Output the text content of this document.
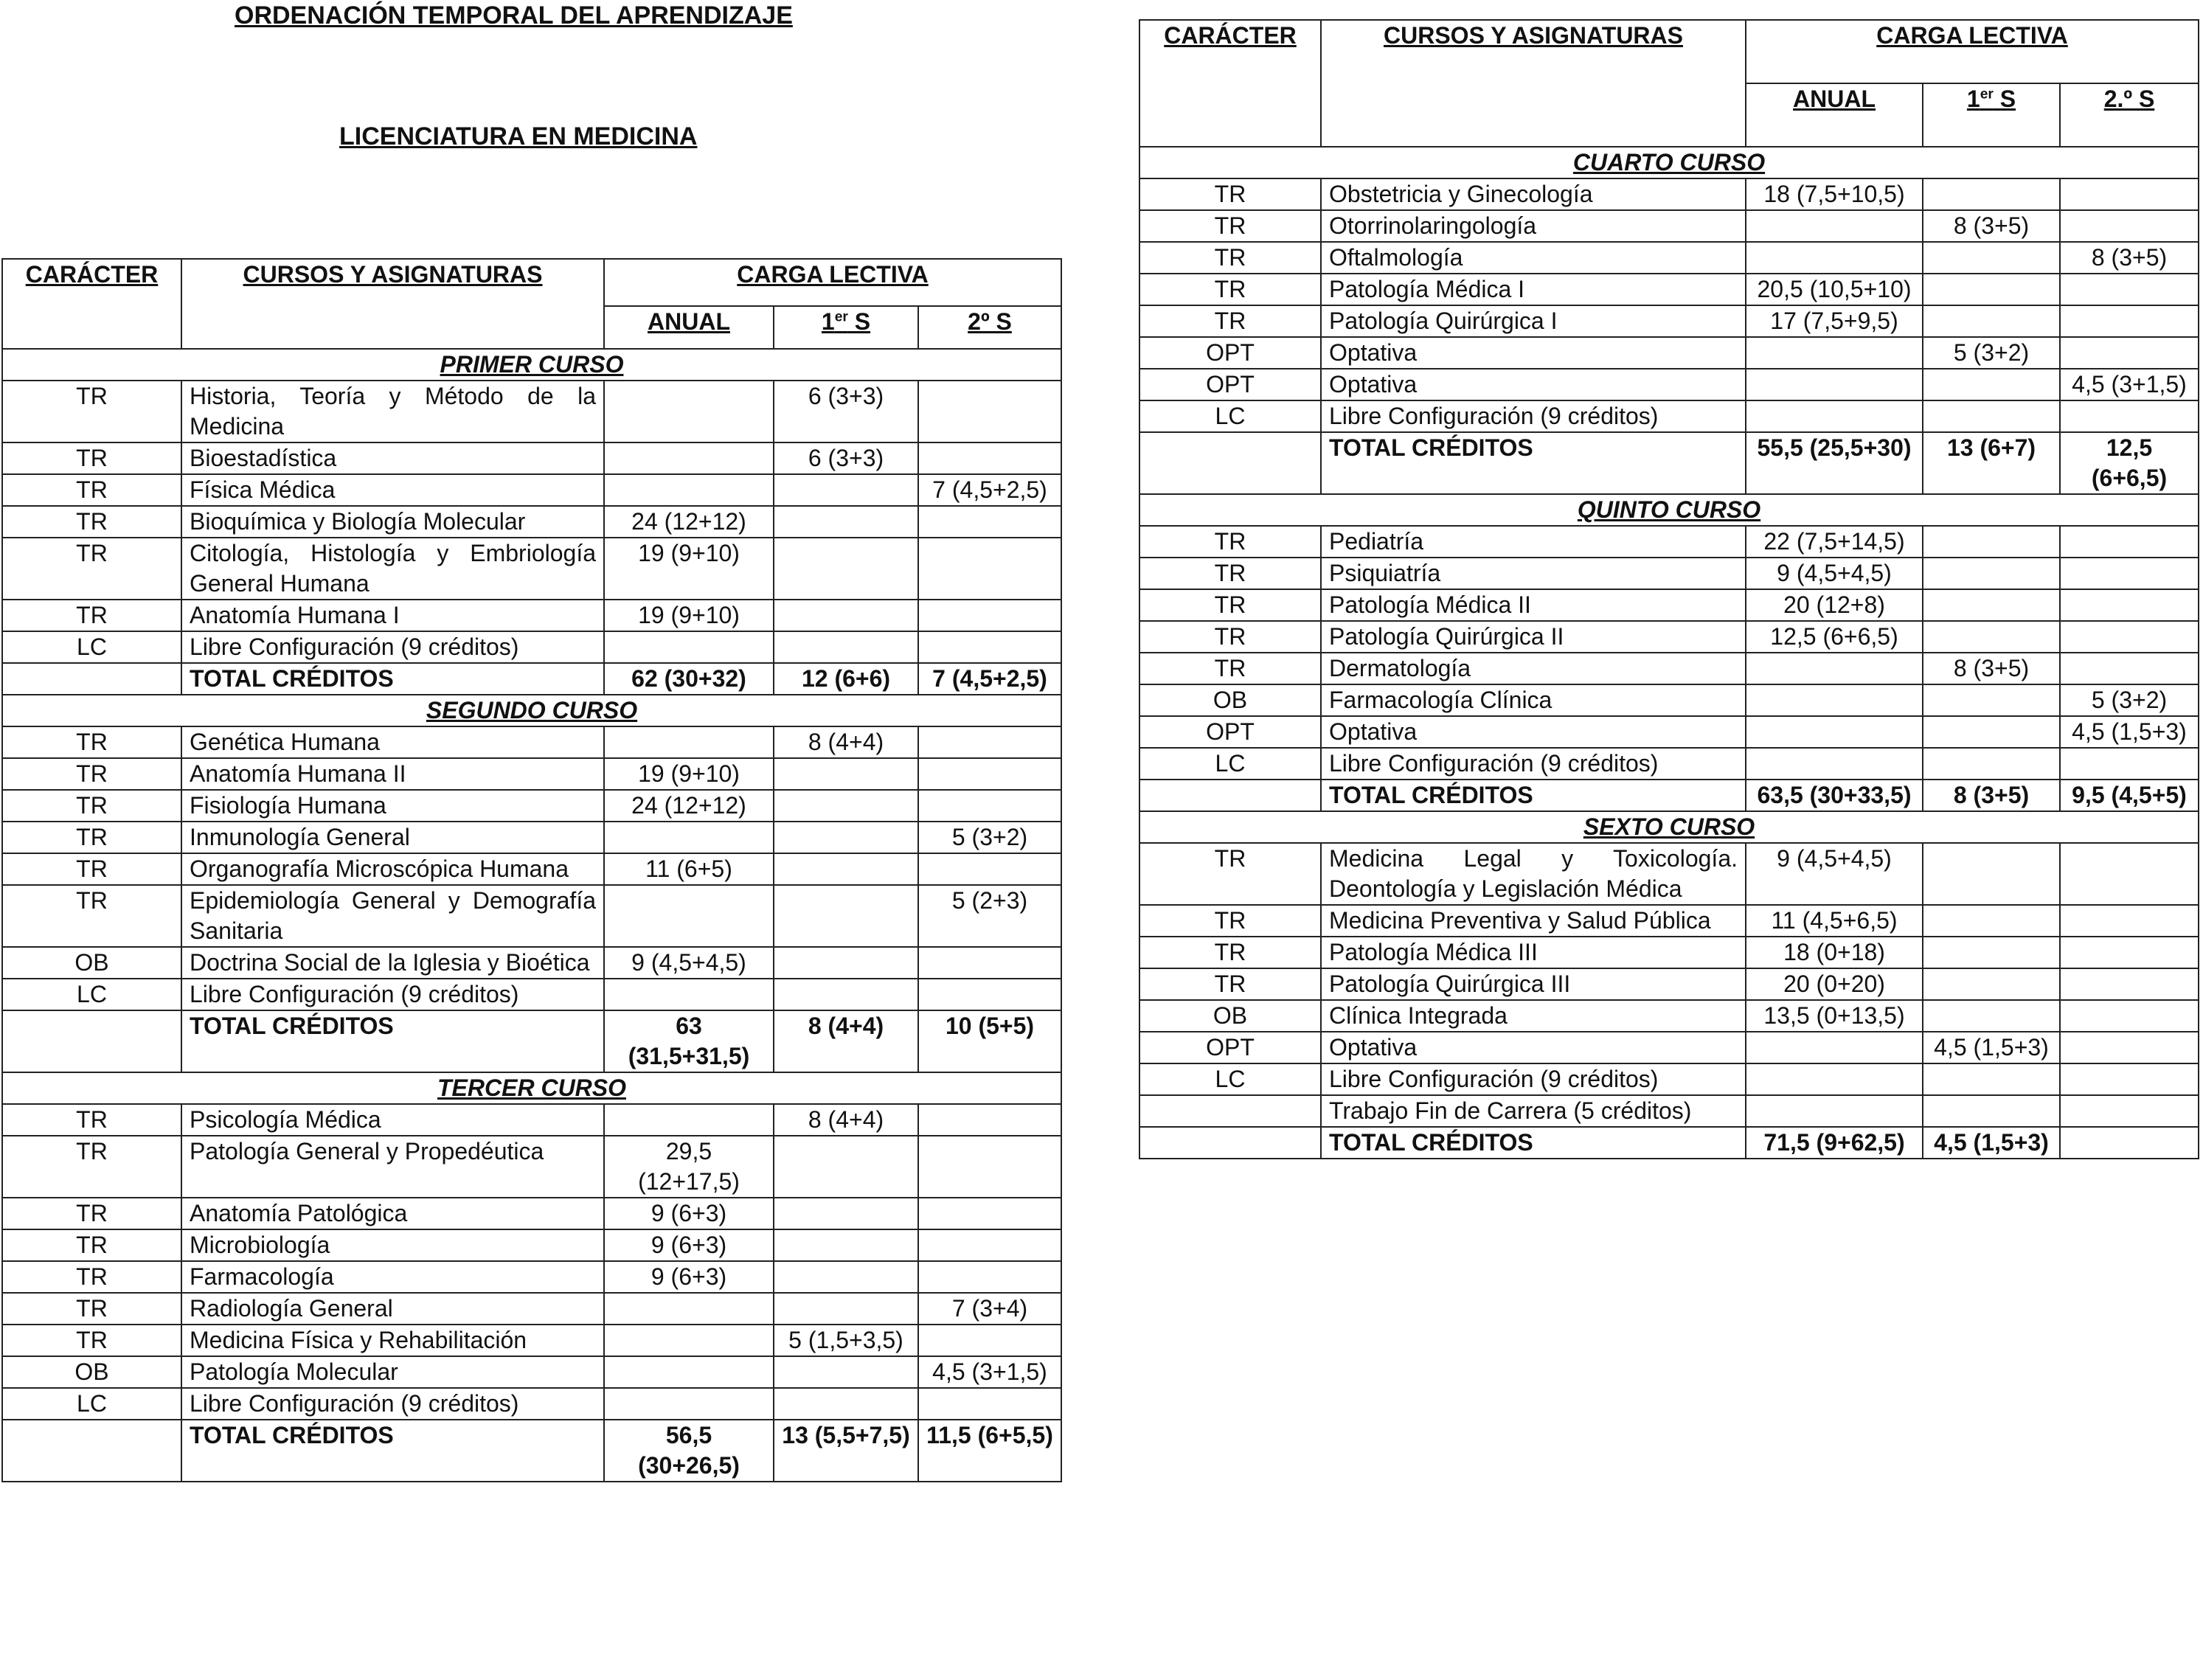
ORDENACIÓN TEMPORAL DEL APRENDIZAJE
LICENCIATURA EN MEDICINA
CARÁCTER	CURSOS Y ASIGNATURAS	CARGA LECTIVA		
		ANUAL	1er S	2º S
PRIMER CURSO				
TR	Historia, Teoría y Método de la Medicina		6 (3+3)	
TR	Bioestadística		6 (3+3)	
TR	Física Médica			7 (4,5+2,5)
TR	Bioquímica y Biología Molecular	24 (12+12)		
TR	Citología, Histología y Embriología General Humana	19 (9+10)		
TR	Anatomía Humana I	19 (9+10)		
LC	Libre Configuración (9 créditos)			
	TOTAL CRÉDITOS	62 (30+32)	12 (6+6)	7 (4,5+2,5)
SEGUNDO CURSO				
TR	Genética Humana		8 (4+4)	
TR	Anatomía Humana II	19 (9+10)		
TR	Fisiología Humana	24 (12+12)		
TR	Inmunología General			5 (3+2)
TR	Organografía Microscópica Humana	11 (6+5)		
TR	Epidemiología General y Demografía Sanitaria			5 (2+3)
OB	Doctrina Social de la Iglesia y Bioética	9 (4,5+4,5)		
LC	Libre Configuración (9 créditos)			
	TOTAL CRÉDITOS	63 (31,5+31,5)	8 (4+4)	10 (5+5)
TERCER CURSO				
TR	Psicología Médica		8 (4+4)	
TR	Patología General y Propedéutica	29,5 (12+17,5)		
TR	Anatomía Patológica	9 (6+3)		
TR	Microbiología	9 (6+3)		
TR	Farmacología	9 (6+3)		
TR	Radiología General			7 (3+4)
TR	Medicina Física y Rehabilitación		5 (1,5+3,5)	
OB	Patología Molecular			4,5 (3+1,5)
LC	Libre Configuración (9 créditos)			
	TOTAL CRÉDITOS	56,5 (30+26,5)	13 (5,5+7,5)	11,5 (6+5,5)
CARÁCTER	CURSOS Y ASIGNATURAS	CARGA LECTIVA		
		ANUAL	1er S	2.º S
CUARTO CURSO				
TR	Obstetricia y Ginecología	18 (7,5+10,5)		
TR	Otorrinolaringología		8 (3+5)	
TR	Oftalmología			8 (3+5)
TR	Patología Médica I	20,5 (10,5+10)		
TR	Patología Quirúrgica I	17 (7,5+9,5)		
OPT	Optativa		5 (3+2)	
OPT	Optativa			4,5 (3+1,5)
LC	Libre Configuración (9 créditos)			
	TOTAL CRÉDITOS	55,5 (25,5+30)	13 (6+7)	12,5 (6+6,5)
QUINTO CURSO				
TR	Pediatría	22 (7,5+14,5)		
TR	Psiquiatría	9 (4,5+4,5)		
TR	Patología Médica II	20 (12+8)		
TR	Patología Quirúrgica II	12,5 (6+6,5)		
TR	Dermatología		8 (3+5)	
OB	Farmacología Clínica			5 (3+2)
OPT	Optativa			4,5 (1,5+3)
LC	Libre Configuración (9 créditos)			
	TOTAL CRÉDITOS	63,5 (30+33,5)	8 (3+5)	9,5 (4,5+5)
SEXTO CURSO				
TR	Medicina Legal y Toxicología. Deontología y Legislación Médica	9 (4,5+4,5)		
TR	Medicina Preventiva y Salud Pública	11 (4,5+6,5)		
TR	Patología Médica III	18 (0+18)		
TR	Patología Quirúrgica III	20 (0+20)		
OB	Clínica Integrada	13,5 (0+13,5)		
OPT	Optativa		4,5 (1,5+3)	
LC	Libre Configuración (9 créditos)			
	Trabajo Fin de Carrera (5 créditos)			
	TOTAL CRÉDITOS	71,5 (9+62,5)	4,5 (1,5+3)	
